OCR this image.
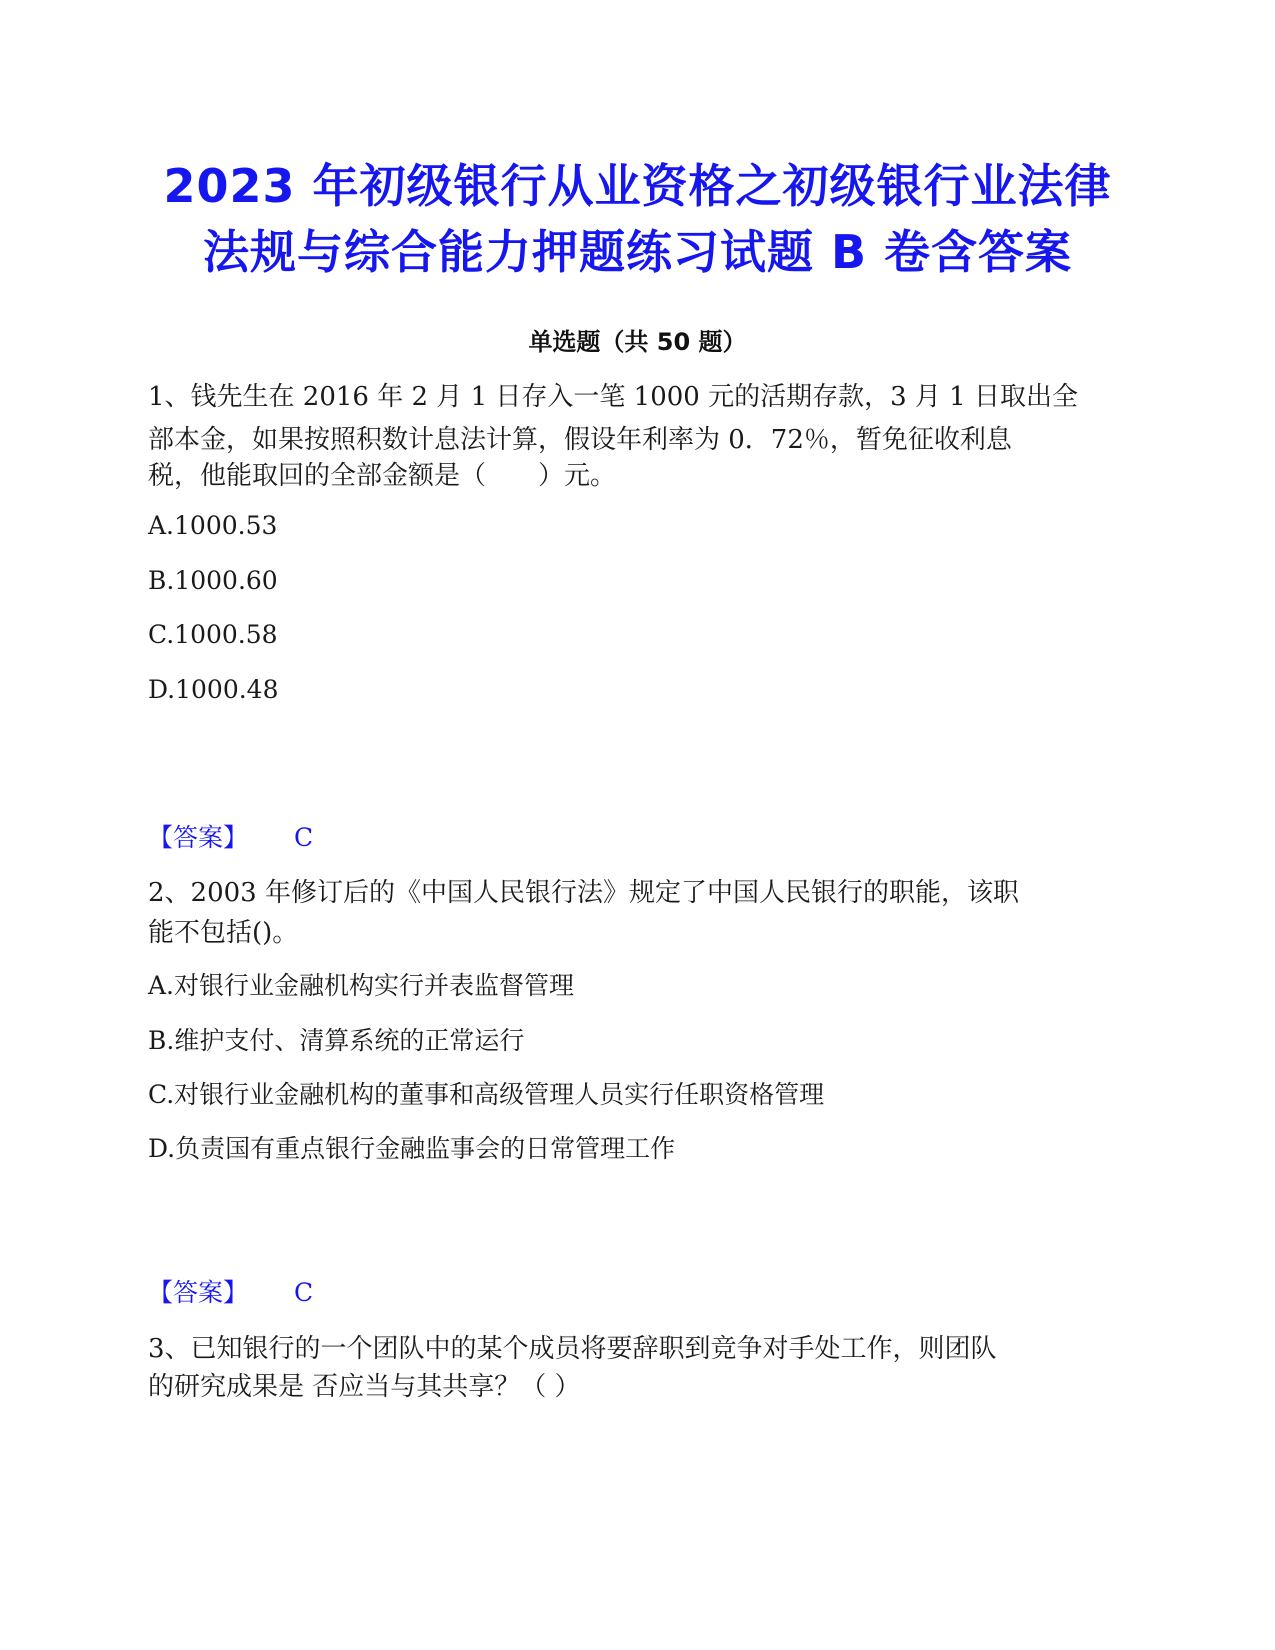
2023 年初级银行从业资格之初级银行业法律
法规与综合能力押题练习试题 B 卷含答案
单选题（共 50 题）
1、钱先生在 2016 年 2 月 1 日存入一笔 1000 元的活期存款，3 月 1 日取出全
部本金，如果按照积数计息法计算，假设年利率为 0．72％，暂免征收利息
税，他能取回的全部金额是（　　）元。
A.1000.53
B.1000.60
C.1000.58
D.1000.48
【答案】 C
2、2003 年修订后的《中国人民银行法》规定了中国人民银行的职能，该职
能不包括()。
A.对银行业金融机构实行并表监督管理
B.维护支付、清算系统的正常运行
C.对银行业金融机构的董事和高级管理人员实行任职资格管理
D.负责国有重点银行金融监事会的日常管理工作
【答案】 C
3、已知银行的一个团队中的某个成员将要辞职到竞争对手处工作，则团队
的研究成果是 否应当与其共享？（ ）
